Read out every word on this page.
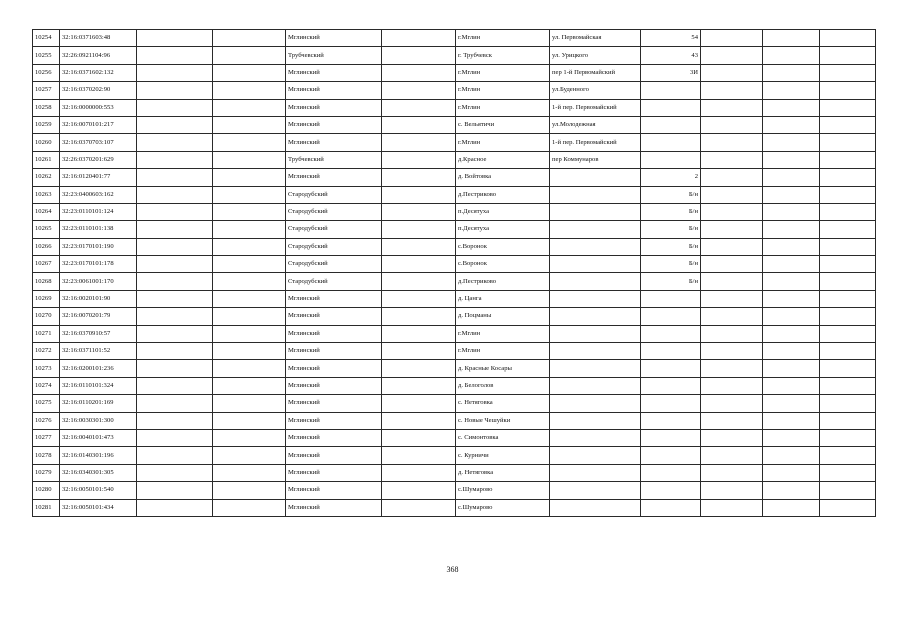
10254	32:16:0371603:48			Мглинский		г.Мглин	ул. Первомайская	54			
10255	32:26:0921104:96			Трубчевский		г. Трубчевск	ул. Урицкого	43			
10256	32:16:0371602:132			Мглинский		г.Мглин	пер 1-й Первомайский	3И			
10257	32:16:0370202:90			Мглинский		г.Мглин	ул.Буденного				
10258	32:16:0000000:553			Мглинский		г.Мглин	1-й пер. Первомайский				
10259	32:16:0070101:217			Мглинский		с. Вельятичи	ул.Молодежная				
10260	32:16:0370703:107			Мглинский		г.Мглин	1-й пер. Первомайский				
10261	32:26:0370201:629			Трубчевский		д.Красное	пер Коммунаров				
10262	32:16:0120401:77			Мглинский		д. Войтовка		2			
10263	32:23:0400603:162			Стародубский		д.Пестриково		Б/н			
10264	32:23:0110101:124			Стародубский		п.Десятуха		Б/н			
10265	32:23:0110101:138			Стародубский		п.Десятуха		Б/н			
10266	32:23:0170101:190			Стародубский		с.Воронок		Б/н			
10267	32:23:0170101:178			Стародубский		с.Воронок		Б/н			
10268	32:23:0061001:170			Стародубский		д.Пестриково		Б/н			
10269	32:16:0020101:90			Мглинский		д. Цанга					
10270	32:16:0070201:79			Мглинский		д. Поцманы					
10271	32:16:0370910:57			Мглинский		г.Мглин					
10272	32:16:0371101:52			Мглинский		г.Мглин					
10273	32:16:0200101:236			Мглинский		д. Красные Косары					
10274	32:16:0110101:324			Мглинский		д. Белоголов					
10275	32:16:0110201:169			Мглинский		с. Нетяговка					
10276	32:16:0030301:300			Мглинский		с. Новые Чешуйки					
10277	32:16:0040101:473			Мглинский		с. Симонтовка					
10278	32:16:0140301:196			Мглинский		с. Курничи					
10279	32:16:0340301:305			Мглинский		д. Нетяговка					
10280	32:16:0050101:540			Мглинский		с.Шумарово					
10281	32:16:0050101:434			Мглинский		с.Шумарово					
368
